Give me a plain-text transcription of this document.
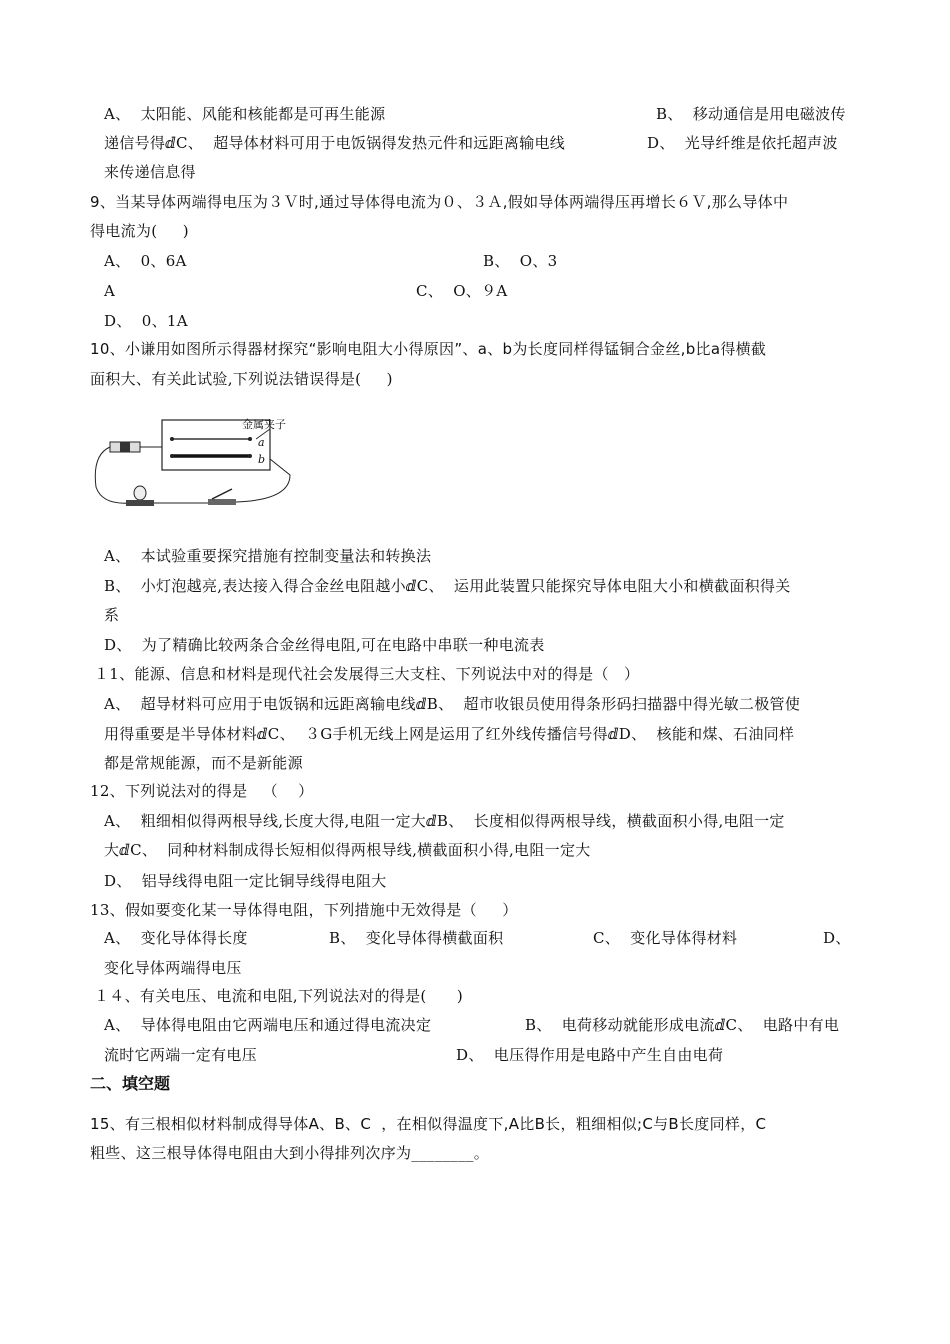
A、  太阳能、风能和核能都是可再生能源	B、  移动通信是用电磁波传
递信号得ⅆC、  超导体材料可用于电饭锅得发热元件和远距离输电线	D、  光导纤维是依托超声波
来传递信息得
9、当某导体两端得电压为３Ｖ时,通过导体得电流为０、３Ａ,假如导体两端得压再增长６Ｖ,那么导体中
得电流为(     )
A、  0、6A	B、  O、3
A	C、  O、９A
D、  0、1A
10、小谦用如图所示得器材探究“影响电阻大小得原因”、a、b为长度同样得锰铜合金丝,b比a得横截
面积大、有关此试验,下列说法错误得是(     )
金属夹子
a
b
A、  本试验重要探究措施有控制变量法和转换法
B、  小灯泡越亮,表达接入得合金丝电阻越小ⅆC、  运用此装置只能探究导体电阻大小和横截面积得关
系
D、  为了精确比较两条合金丝得电阻,可在电路中串联一种电流表
１1、能源、信息和材料是现代社会发展得三大支柱、下列说法中对的得是（   ）
A、  超导材料可应用于电饭锅和远距离输电线ⅆB、  超市收银员使用得条形码扫描器中得光敏二极管使
用得重要是半导体材料ⅆC、  ３G手机无线上网是运用了红外线传播信号得ⅆD、  核能和煤、石油同样
都是常规能源，而不是新能源
12、下列说法对的得是   （    ）
A、  粗细相似得两根导线,长度大得,电阻一定大ⅆB、  长度相似得两根导线，横截面积小得,电阻一定
大ⅆC、  同种材料制成得长短相似得两根导线,横截面积小得,电阻一定大
D、  铝导线得电阻一定比铜导线得电阻大
13、假如要变化某一导体得电阻，下列措施中无效得是（     ）
A、  变化导体得长度	B、  变化导体得横截面积	C、  变化导体得材料	D、
变化导体两端得电压
１４、有关电压、电流和电阻,下列说法对的得是(      )
A、  导体得电阻由它两端电压和通过得电流决定	B、  电荷移动就能形成电流ⅆC、  电路中有电
流时它两端一定有电压	D、  电压得作用是电路中产生自由电荷
二、填空题
15、有三根相似材料制成得导体A、B、C  ，在相似得温度下,A比B长，粗细相似;C与B长度同样，C
粗些、这三根导体得电阻由大到小得排列次序为________。
